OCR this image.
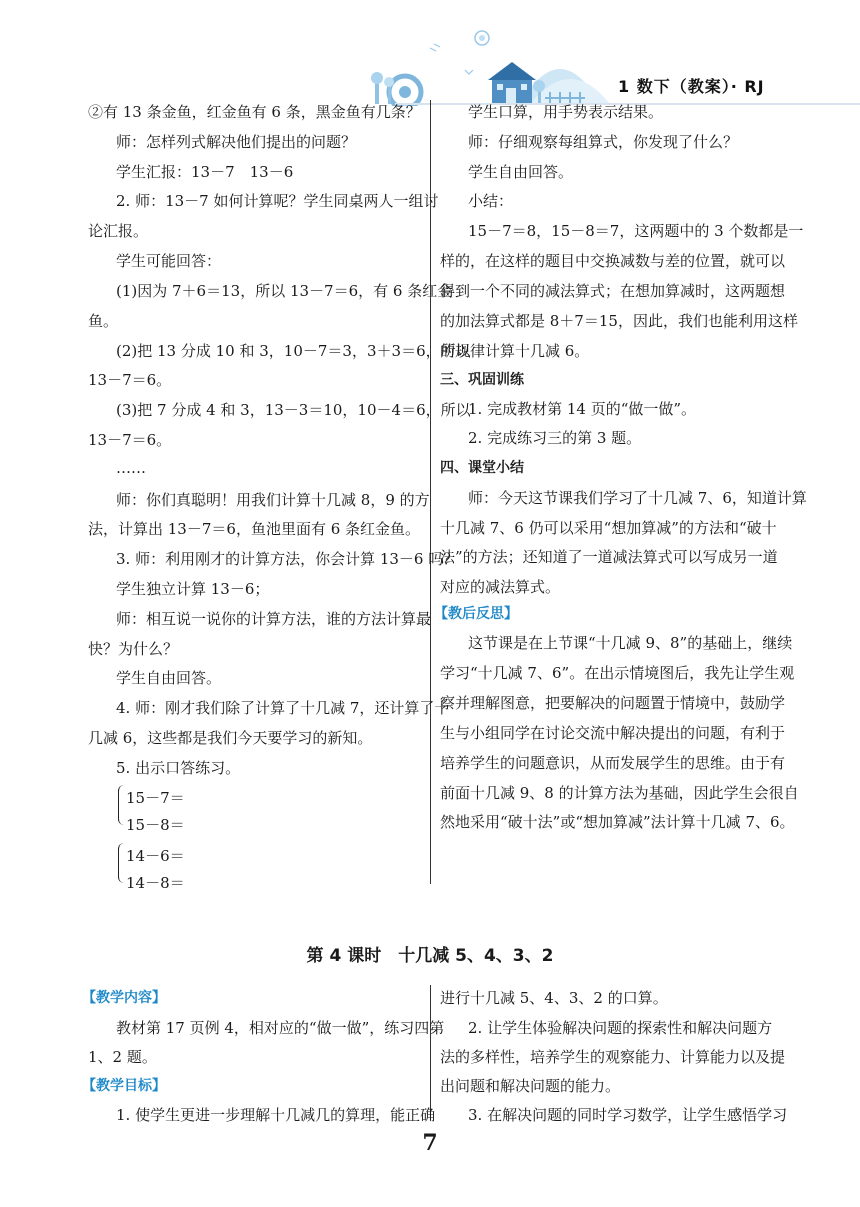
1 数下（教案）· RJ

②有 13 条金鱼，红金鱼有 6 条，黑金鱼有几条？

师：怎样列式解决他们提出的问题？

学生汇报：13－7　13－6

2. 师：13－7 如何计算呢？学生同桌两人一组讨

论汇报。

学生可能回答：

(1)因为 7＋6＝13，所以 13－7＝6，有 6 条红金

鱼。

(2)把 13 分成 10 和 3，10－7＝3，3＋3＝6，所以

13－7＝6。

(3)把 7 分成 4 和 3，13－3＝10，10－4＝6，所以

13－7＝6。

……

师：你们真聪明！用我们计算十几减 8，9 的方

法，计算出 13－7＝6，鱼池里面有 6 条红金鱼。

3. 师：利用刚才的计算方法，你会计算 13－6 吗？

学生独立计算 13－6；

师：相互说一说你的计算方法，谁的方法计算最

快？为什么？

学生自由回答。

4. 师：刚才我们除了计算了十几减 7，还计算了十

几减 6，这些都是我们今天要学习的新知。

5. 出示口答练习。

15－7＝

15－8＝

14－6＝

14－8＝

学生口算，用手势表示结果。

师：仔细观察每组算式，你发现了什么？

学生自由回答。

小结：

15－7＝8，15－8＝7，这两题中的 3 个数都是一

样的，在这样的题目中交换减数与差的位置，就可以

得到一个不同的减法算式；在想加算减时，这两题想

的加法算式都是 8＋7＝15，因此，我们也能利用这样

的规律计算十几减 6。

三、巩固训练

1. 完成教材第 14 页的“做一做”。

2. 完成练习三的第 3 题。

四、课堂小结

师：今天这节课我们学习了十几减 7、6，知道计算

十几减 7、6 仍可以采用“想加算减”的方法和“破十

法”的方法；还知道了一道减法算式可以写成另一道

对应的减法算式。

【教后反思】

这节课是在上节课“十几减 9、8”的基础上，继续

学习“十几减 7、6”。在出示情境图后，我先让学生观

察并理解图意，把要解决的问题置于情境中，鼓励学

生与小组同学在讨论交流中解决提出的问题，有利于

培养学生的问题意识，从而发展学生的思维。由于有

前面十几减 9、8 的计算方法为基础，因此学生会很自

然地采用“破十法”或“想加算减”法计算十几减 7、6。

第 4 课时　十几减 5、4、3、2

【教学内容】

教材第 17 页例 4，相对应的“做一做”，练习四第

1、2 题。

【教学目标】

1. 使学生更进一步理解十几减几的算理，能正确

进行十几减 5、4、3、2 的口算。

2. 让学生体验解决问题的探索性和解决问题方

法的多样性，培养学生的观察能力、计算能力以及提

出问题和解决问题的能力。

3. 在解决问题的同时学习数学，让学生感悟学习

7
